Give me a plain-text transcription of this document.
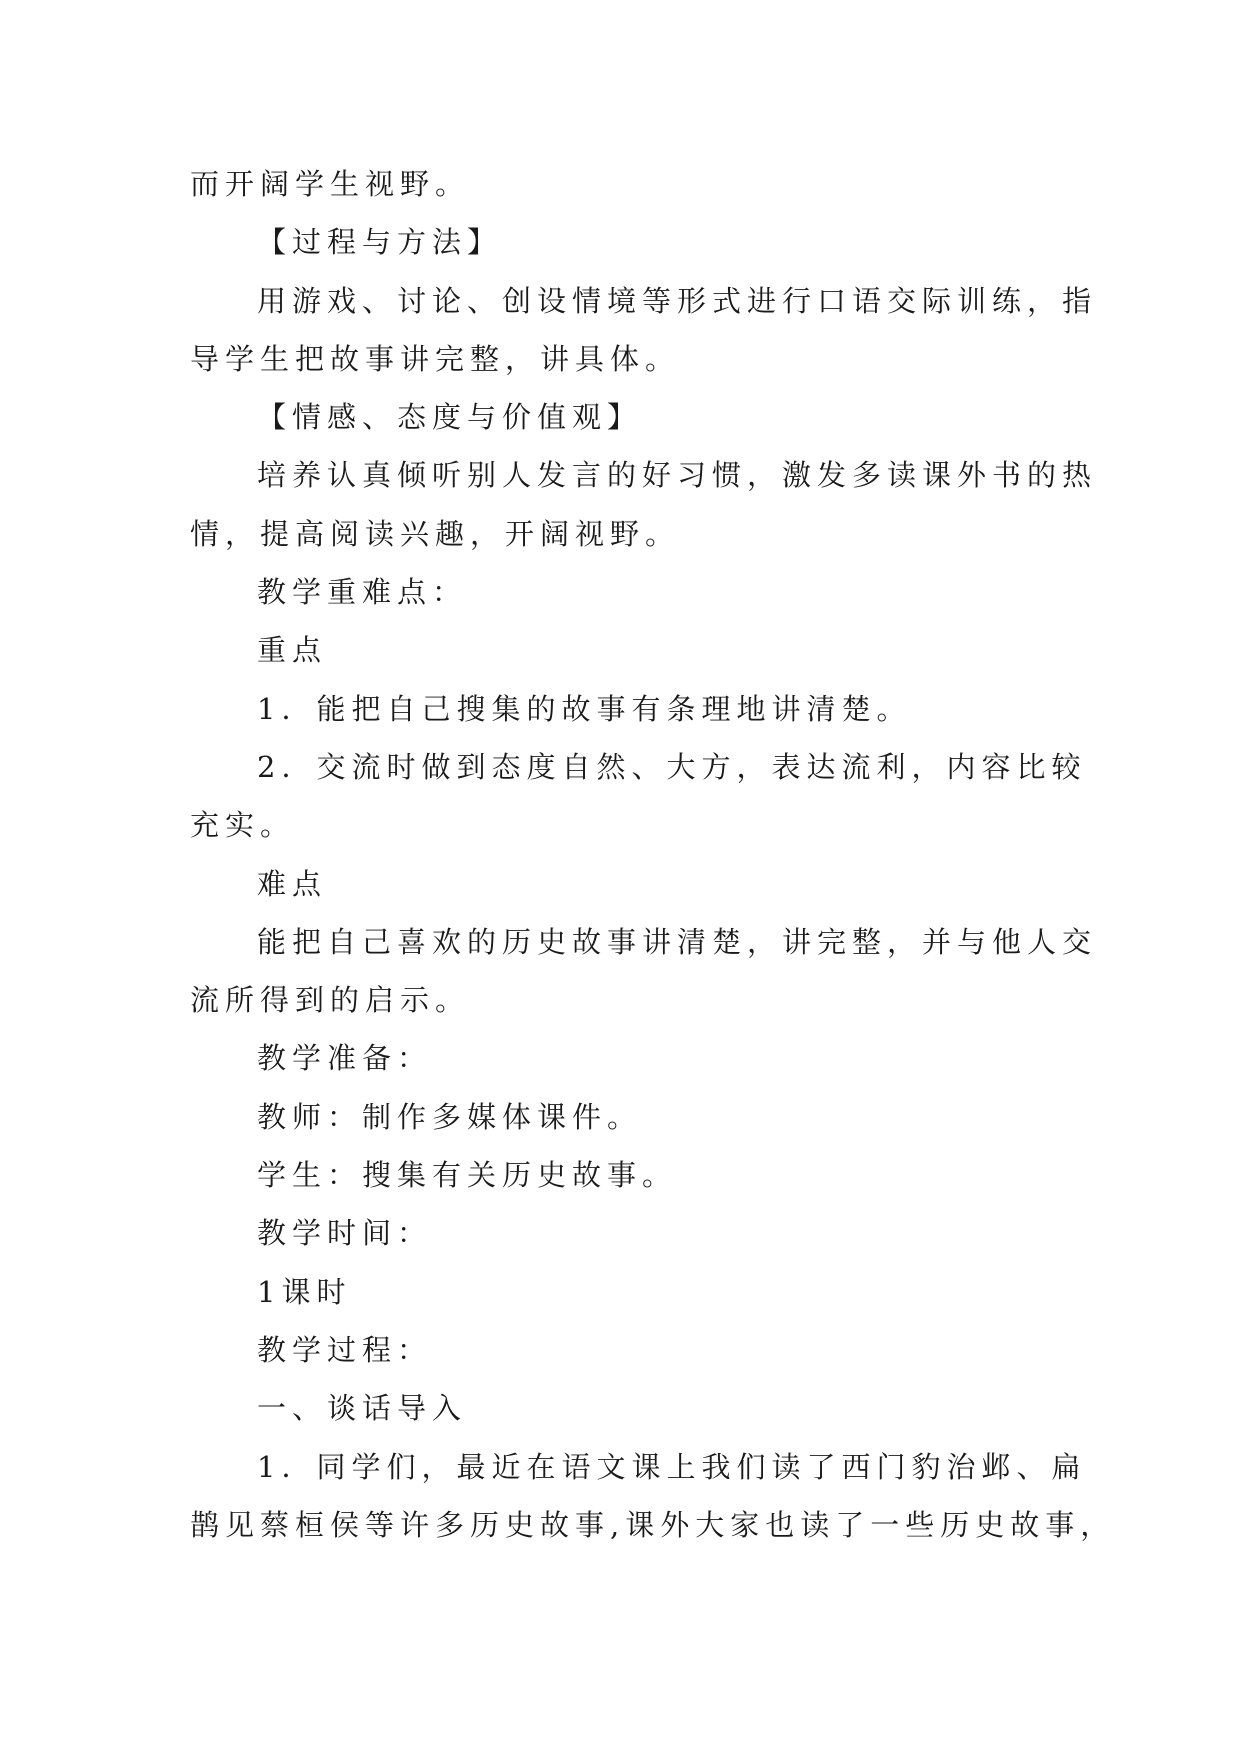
而开阔学生视野。
【过程与方法】
用游戏、讨论、创设情境等形式进行口语交际训练，指
导学生把故事讲完整，讲具体。
【情感、态度与价值观】
培养认真倾听别人发言的好习惯，激发多读课外书的热
情，提高阅读兴趣，开阔视野。
教学重难点：
重点
1．能把自己搜集的故事有条理地讲清楚。
2．交流时做到态度自然、大方，表达流利，内容比较
充实。
难点
能把自己喜欢的历史故事讲清楚，讲完整，并与他人交
流所得到的启示。
教学准备：
教师：制作多媒体课件。
学生：搜集有关历史故事。
教学时间：
1课时
教学过程：
一、谈话导入
1．同学们，最近在语文课上我们读了西门豹治邺、扁
鹊见蔡桓侯等许多历史故事,课外大家也读了一些历史故事，
